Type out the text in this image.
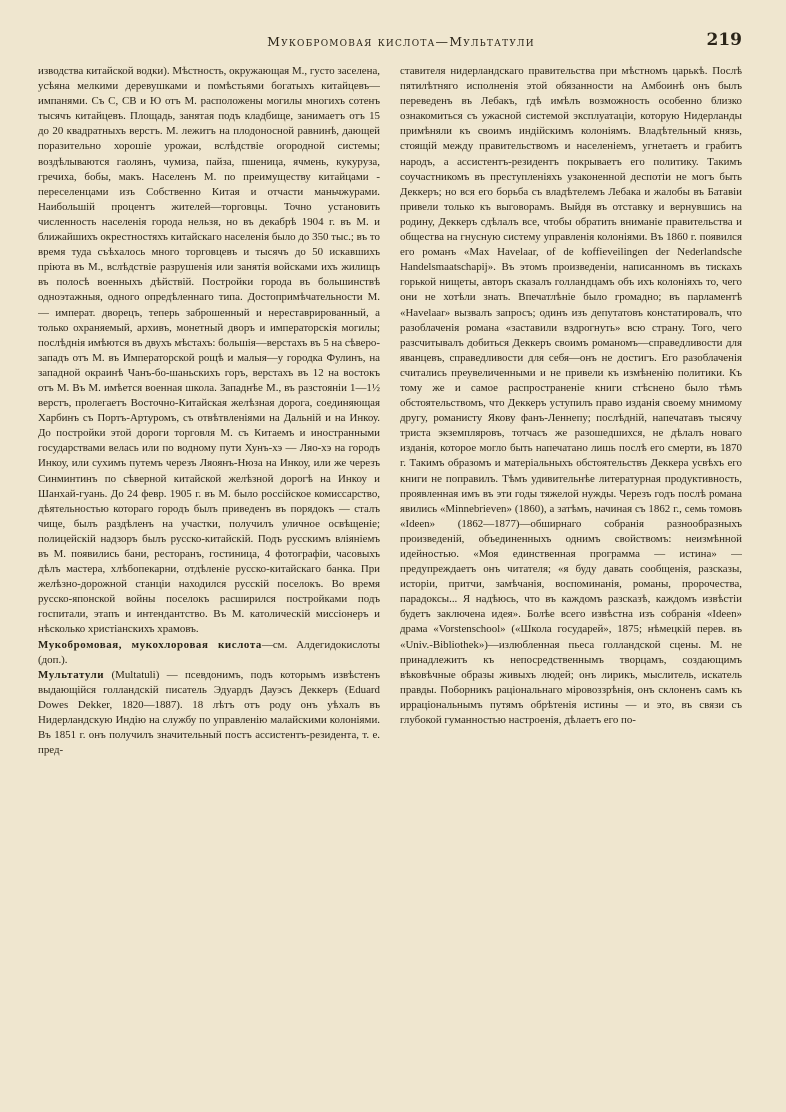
Мукобромовая кислота—Мультатули	219

изводства китайской водки). Мѣстность, окружающая М., густо заселена, усѣяна мелкими деревушками и помѣстьями богатыхъ китайцевъ—импанями. Съ С, СВ и Ю отъ М. расположены могилы многихъ сотенъ тысячъ китайцевъ. Площадь, занятая подъ кладбище, занимаетъ отъ 15 до 20 квадратныхъ верстъ. М. лежитъ на плодоносной равнинѣ, дающей поразительно хорошіе урожаи, вслѣдствіе огородной системы; воздѣлываются гаолянъ, чумиза, пайза, пшеница, ячмень, кукуруза, гречиха, бобы, макъ. Населенъ М. по преимуществу китайцами - переселенцами изъ Собственно Китая и отчасти маньчжурами. Наибольшій процентъ жителей—торговцы. Точно установить численность населенія города нельзя, но въ декабрѣ 1904 г. въ М. и ближайшихъ окрестностяхъ китайскаго населенія было до 350 тыс.; въ то время туда съѣхалось много торговцевъ и тысячъ до 50 искавшихъ пріюта въ М., вслѣдствіе разрушенія или занятія войсками ихъ жилищъ въ полосѣ военныхъ дѣйствій. Постройки города въ большинствѣ одноэтажныя, одного опредѣленнаго типа. Достопримѣчательности М. — императ. дворецъ, теперь заброшенный и нереставрированный, а только охраняемый, архивъ, монетный дворъ и императорскія могилы; послѣднія имѣются въ двухъ мѣстахъ: большія—верстахъ въ 5 на сѣверо-западъ отъ М. въ Императорской рощѣ и малыя—у городка Фулинъ, на западной окраинѣ Чанъ-бо-шаньскихъ горъ, верстахъ въ 12 на востокъ отъ М. Въ М. имѣется военная школа. Западнѣе М., въ разстояніи 1—1½ верстъ, пролегаетъ Восточно-Китайская желѣзная дорога, соединяющая Харбинъ съ Портъ-Артуромъ, съ отвѣтвленіями на Дальній и на Инкоу. До постройки этой дороги торговля М. съ Китаемъ и иностранными государствами велась или по водному пути Хунъ-хэ — Ляо-хэ на городъ Инкоу, или сухимъ путемъ черезъ Ляоянъ-Нюза на Инкоу, или же черезъ Синминтинъ по сѣверной китайской желѣзной дорогѣ на Инкоу и Шанхай-гуань. До 24 февр. 1905 г. въ М. было россійское комиссарство, дѣятельностью котораго городъ былъ приведенъ въ порядокъ — сталъ чище, былъ раздѣленъ на участки, получилъ уличное освѣщеніе; полицейскій надзоръ былъ русско-китайскій. Подъ русскимъ вліяніемъ въ М. появились бани, ресторанъ, гостиница, 4 фотографіи, часовыхъ дѣлъ мастера, хлѣбопекарни, отдѣленіе русско-китайскаго банка. При желѣзно-дорожной станціи находился русскій поселокъ. Во время русско-японской войны поселокъ расширился постройками подъ госпитали, этапъ и интендантство. Въ М. католическій миссіонеръ и нѣсколько христіанскихъ храмовъ.

Мукобромовая, мукохлоровая кислота—см. Алдегидокислоты (доп.).

Мультатули (Multatuli) — псевдонимъ, подъ которымъ извѣстенъ выдающійся голландскій писатель Эдуардъ Дауэсъ Деккеръ (Eduard Dowes Dekker, 1820—1887). 18 лѣтъ отъ роду онъ уѣхалъ въ Нидерландскую Индію на службу по управленію малайскими колоніями. Въ 1851 г. онъ получилъ значительный постъ ассистентъ-резидента, т. е. пред-

ставителя нидерландскаго правительства при мѣстномъ царькѣ. Послѣ пятилѣтняго исполненія этой обязанности на Амбоинѣ онъ былъ переведенъ въ Лебакъ, гдѣ имѣлъ возможность особенно близко ознакомиться съ ужасной системой эксплуатаціи, которую Нидерланды примѣняли къ своимъ индійскимъ колоніямъ. Владѣтельный князь, стоящій между правительствомъ и населеніемъ, угнетаетъ и грабитъ народъ, а ассистентъ-резидентъ покрываетъ его политику. Такимъ соучастникомъ въ преступленіяхъ узаконенной деспотіи не могъ быть Деккеръ; но вся его борьба съ владѣтелемъ Лебака и жалобы въ Батавіи привели только къ выговорамъ. Выйдя въ отставку и вернувшись на родину, Деккеръ сдѣлалъ все, чтобы обратить вниманіе правительства и общества на гнусную систему управленія колоніями. Въ 1860 г. появился его романъ «Max Havelaar, of de koffieveilingen der Nederlandsche Handelsmaatschapij». Въ этомъ произведеніи, написанномъ въ тискахъ горькой нищеты, авторъ сказалъ голландцамъ объ ихъ колоніяхъ то, чего они не хотѣли знать. Впечатлѣніе было громадно; въ парламентѣ «Havelaar» вызвалъ запросъ; одинъ изъ депутатовъ констатировалъ, что разоблаченія романа «заставили вздрогнуть» всю страну. Того, чего разсчитывалъ добиться Деккеръ своимъ романомъ—справедливости для яванцевъ, справедливости для себя—онъ не достигъ. Его разоблаченія считались преувеличенными и не привели къ измѣненію политики. Къ тому же и самое распространеніе книги стѣснено было тѣмъ обстоятельствомъ, что Деккеръ уступилъ право изданія своему мнимому другу, романисту Якову фанъ-Леннепу; послѣдній, напечатавъ тысячу триста экземпляровъ, тотчасъ же разошедшихся, не дѣлалъ новаго изданія, которое могло быть напечатано лишь послѣ его смерти, въ 1870 г. Такимъ образомъ и матеріальныхъ обстоятельствъ Деккера усвѣхъ его книги не поправилъ. Тѣмъ удивительнѣе литературная продуктивность, проявленная имъ въ эти годы тяжелой нужды. Черезъ годъ послѣ романа явились «Minnebrieven» (1860), а затѣмъ, начиная съ 1862 г., семь томовъ «Ideen» (1862—1877)—обширнаго собранія разнообразныхъ произведеній, объединенныхъ однимъ свойствомъ: неизмѣнной идейностью. «Моя единственная программа — истина» — предупреждаетъ онъ читателя; «я буду давать сообщенія, разсказы, исторіи, притчи, замѣчанія, воспоминанія, романы, пророчества, парадоксы... Я надѣюсь, что въ каждомъ разсказѣ, каждомъ извѣстіи будетъ заключена идея». Болѣе всего извѣстна изъ собранія «Ideen» драма «Vorstenschool» («Школа государей», 1875; нѣмецкій перев. въ «Univ.-Bibliothek»)—излюбленная пьеса голландской сцены. М. не принадлежитъ къ непосредственнымъ творцамъ, создающимъ вѣковѣчные образы живыхъ людей; онъ лирикъ, мыслитель, искатель правды. Поборникъ раціональнаго міровоззрѣнія, онъ склоненъ самъ къ ирраціональнымъ путямъ обрѣтенія истины — и это, въ связи съ глубокой гуманностью настроенія, дѣлаетъ его по-
